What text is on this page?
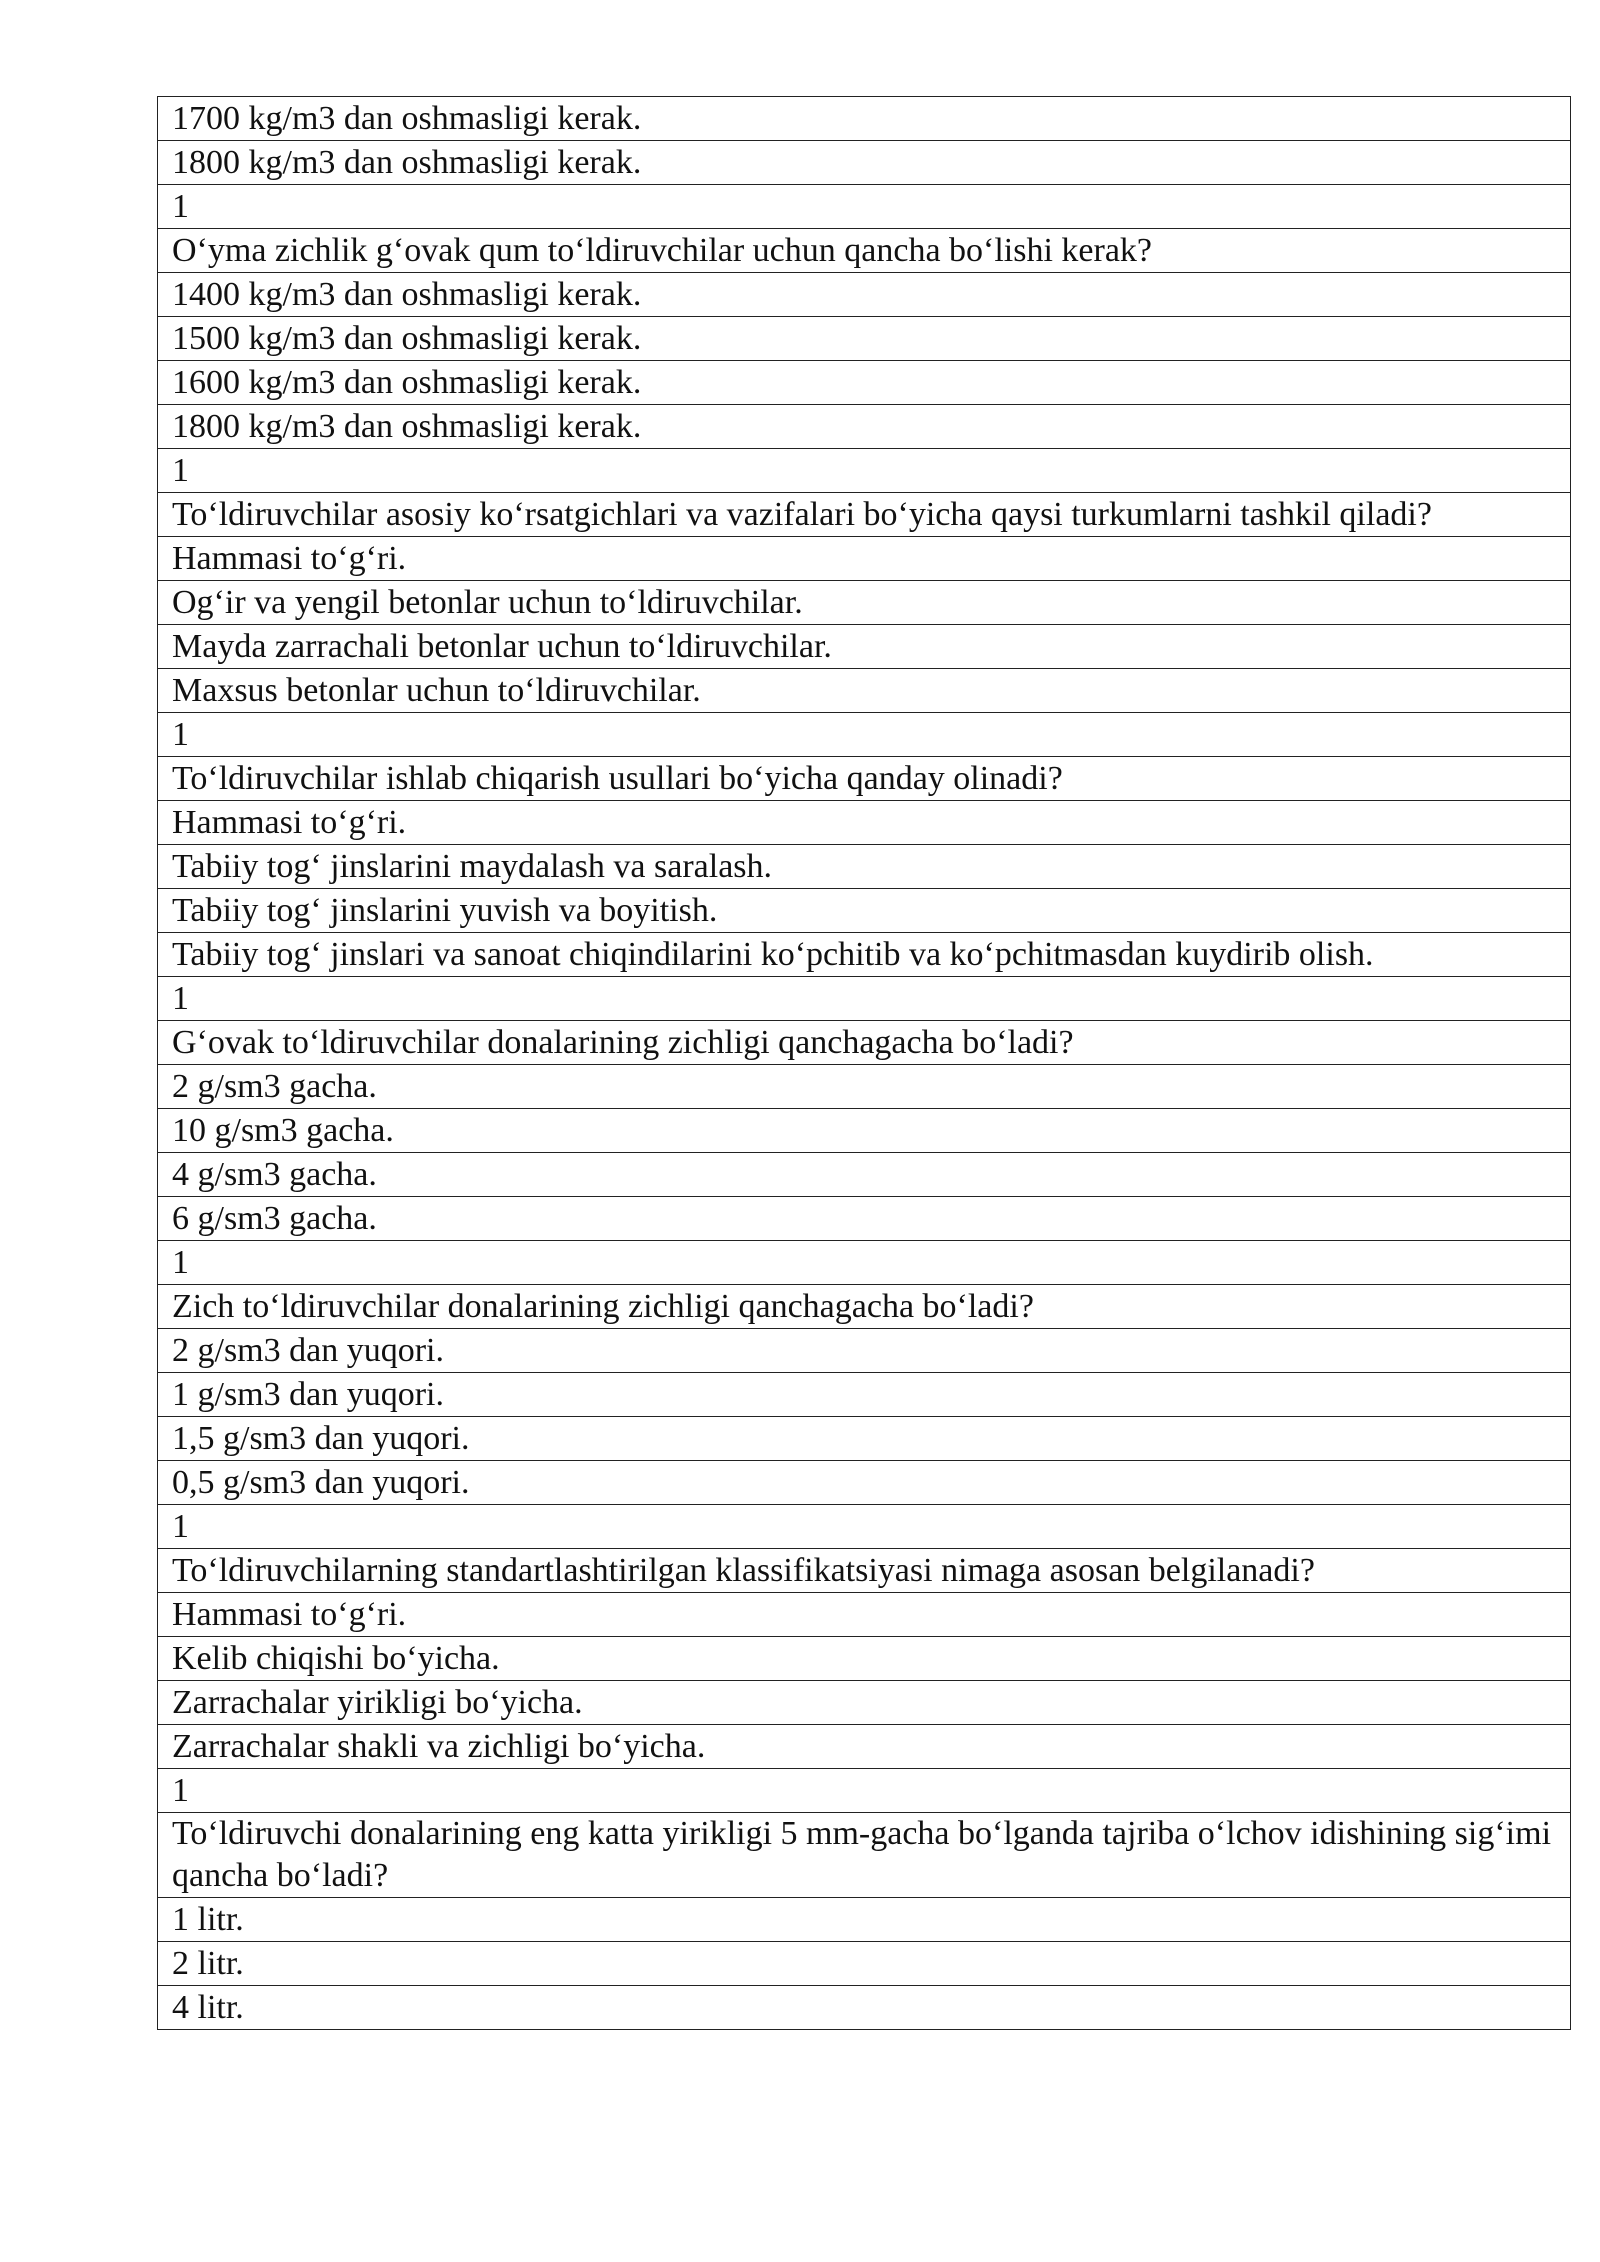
1700 kg/m3 dan oshmasligi kerak.
1800 kg/m3 dan oshmasligi kerak.
1
O‘yma zichlik g‘ovak qum to‘ldiruvchilar uchun qancha bo‘lishi kerak?
1400 kg/m3 dan oshmasligi kerak.
1500 kg/m3 dan oshmasligi kerak.
1600 kg/m3 dan oshmasligi kerak.
1800 kg/m3 dan oshmasligi kerak.
1
To‘ldiruvchilar asosiy ko‘rsatgichlari va vazifalari bo‘yicha qaysi turkumlarni tashkil qiladi?
Hammasi to‘g‘ri.
Og‘ir va yengil betonlar uchun to‘ldiruvchilar.
Mayda zarrachali betonlar uchun to‘ldiruvchilar.
Maxsus betonlar uchun to‘ldiruvchilar.
1
To‘ldiruvchilar ishlab chiqarish usullari bo‘yicha qanday olinadi?
Hammasi to‘g‘ri.
Tabiiy tog‘ jinslarini maydalash va saralash.
Tabiiy tog‘ jinslarini yuvish va boyitish.
Tabiiy tog‘ jinslari va sanoat chiqindilarini ko‘pchitib va ko‘pchitmasdan kuydirib olish.
1
G‘ovak to‘ldiruvchilar donalarining zichligi qanchagacha bo‘ladi?
2 g/sm3 gacha.
10 g/sm3 gacha.
4 g/sm3 gacha.
6 g/sm3 gacha.
1
Zich to‘ldiruvchilar donalarining zichligi qanchagacha bo‘ladi?
2 g/sm3 dan yuqori.
1 g/sm3 dan yuqori.
1,5 g/sm3 dan yuqori.
0,5 g/sm3 dan yuqori.
1
To‘ldiruvchilarning standartlashtirilgan klassifikatsiyasi nimaga asosan belgilanadi?
Hammasi to‘g‘ri.
Kelib chiqishi bo‘yicha.
Zarrachalar yirikligi bo‘yicha.
Zarrachalar shakli va zichligi bo‘yicha.
1
To‘ldiruvchi donalarining eng katta yirikligi 5 mm-gacha bo‘lganda tajriba o‘lchov idishining sig‘imi qancha bo‘ladi?
1 litr.
2 litr.
4 litr.
